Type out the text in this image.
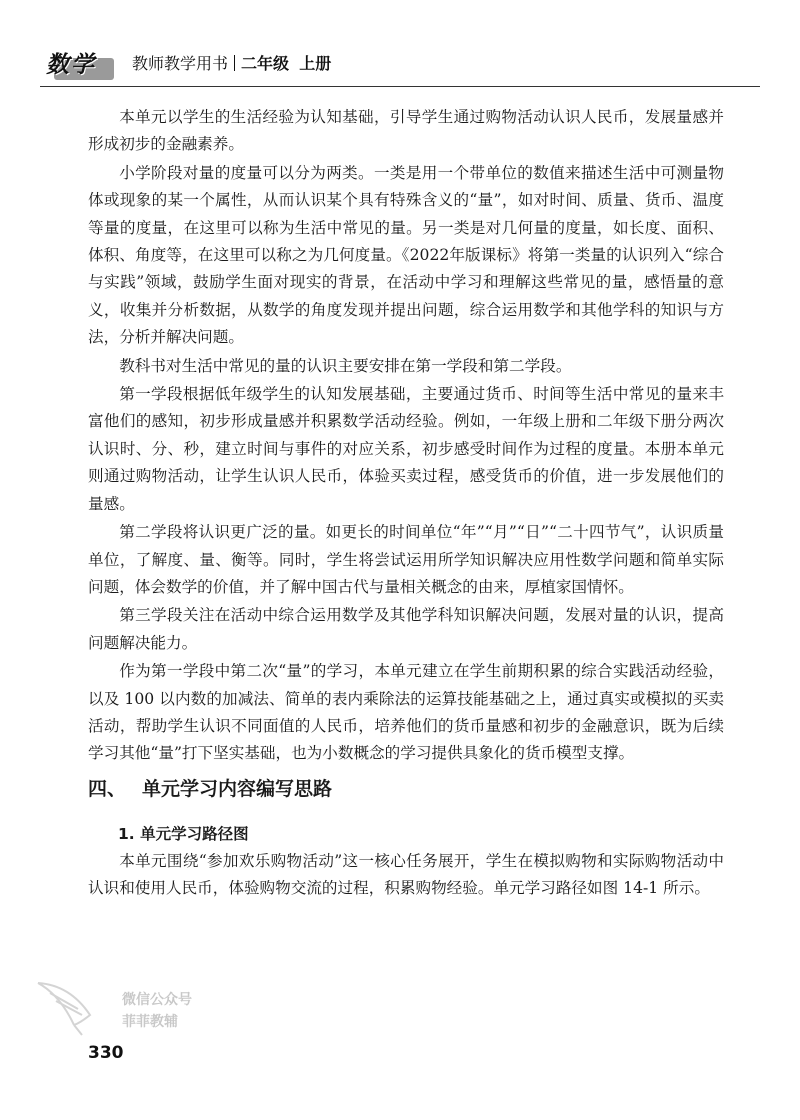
数学 教师教学用书 二年级 上册

本单元以学生的生活经验为认知基础，引导学生通过购物活动认识人民币，发展量感并形成初步的金融素养。

小学阶段对量的度量可以分为两类。一类是用一个带单位的数值来描述生活中可测量物体或现象的某一个属性，从而认识某个具有特殊含义的“量”，如对时间、质量、货币、温度等量的度量，在这里可以称为生活中常见的量。另一类是对几何量的度量，如长度、面积、体积、角度等，在这里可以称之为几何度量。《2022年版课标》将第一类量的认识列入“综合与实践”领域，鼓励学生面对现实的背景，在活动中学习和理解这些常见的量，感悟量的意义，收集并分析数据，从数学的角度发现并提出问题，综合运用数学和其他学科的知识与方法，分析并解决问题。

教科书对生活中常见的量的认识主要安排在第一学段和第二学段。

第一学段根据低年级学生的认知发展基础，主要通过货币、时间等生活中常见的量来丰富他们的感知，初步形成量感并积累数学活动经验。例如，一年级上册和二年级下册分两次认识时、分、秒，建立时间与事件的对应关系，初步感受时间作为过程的度量。本册本单元则通过购物活动，让学生认识人民币，体验买卖过程，感受货币的价值，进一步发展他们的量感。

第二学段将认识更广泛的量。如更长的时间单位“年”“月”“日”“二十四节气”，认识质量单位，了解度、量、衡等。同时，学生将尝试运用所学知识解决应用性数学问题和简单实际问题，体会数学的价值，并了解中国古代与量相关概念的由来，厚植家国情怀。

第三学段关注在活动中综合运用数学及其他学科知识解决问题，发展对量的认识，提高问题解决能力。

作为第一学段中第二次“量”的学习，本单元建立在学生前期积累的综合实践活动经验，以及 100 以内数的加减法、简单的表内乘除法的运算技能基础之上，通过真实或模拟的买卖活动，帮助学生认识不同面值的人民币，培养他们的货币量感和初步的金融意识，既为后续学习其他“量”打下坚实基础，也为小数概念的学习提供具象化的货币模型支撑。

四、 单元学习内容编写思路
1. 单元学习路径图

本单元围绕“参加欢乐购物活动”这一核心任务展开，学生在模拟购物和实际购物活动中认识和使用人民币，体验购物交流的过程，积累购物经验。单元学习路径如图 14-1 所示。

微信公众号
菲菲教辅
330
